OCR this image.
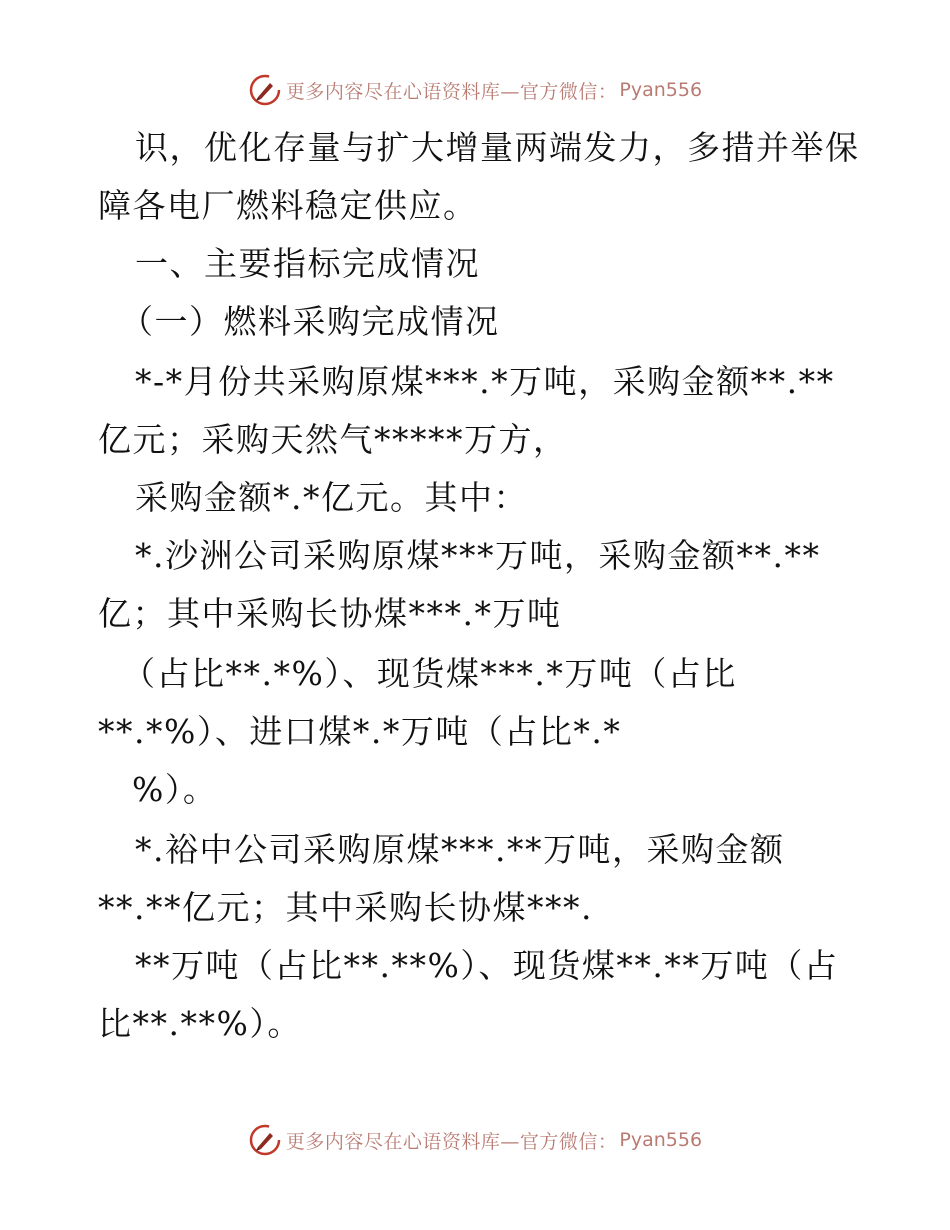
更多内容尽在心语资料库—官方微信： Pyan556
识，优化存量与扩大增量两端发力，多措并举保
障各电厂燃料稳定供应。
一、主要指标完成情况
（一）燃料采购完成情况
*-*月份共采购原煤***.*万吨，采购金额**.**
亿元；采购天然气*****万方，
采购金额*.*亿元。其中：
*.沙洲公司采购原煤***万吨，采购金额**.**
亿；其中采购长协煤***.*万吨
（占比**.*%）、现货煤***.*万吨（占比
**.*%）、进口煤*.*万吨（占比*.*
%）。
*.裕中公司采购原煤***.**万吨，采购金额
**.**亿元；其中采购长协煤***.
**万吨（占比**.**%）、现货煤**.**万吨（占
比**.**%）。
更多内容尽在心语资料库—官方微信： Pyan556
